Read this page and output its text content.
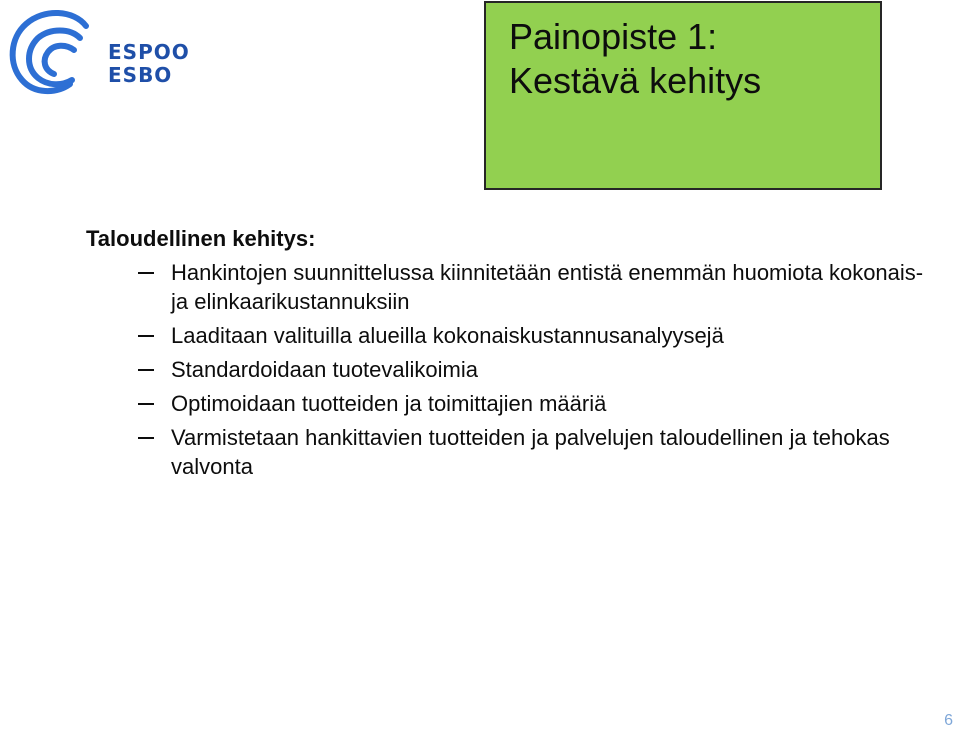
ESPOO
ESBO
Painopiste 1:
Kestävä kehitys
Taloudellinen kehitys:
Hankintojen suunnittelussa kiinnitetään entistä enemmän huomiota kokonais- ja elinkaarikustannuksiin
Laaditaan valituilla alueilla kokonaiskustannusanalyysejä
Standardoidaan tuotevalikoimia
Optimoidaan tuotteiden ja toimittajien määriä
Varmistetaan hankittavien tuotteiden ja palvelujen taloudellinen ja tehokas valvonta
6
